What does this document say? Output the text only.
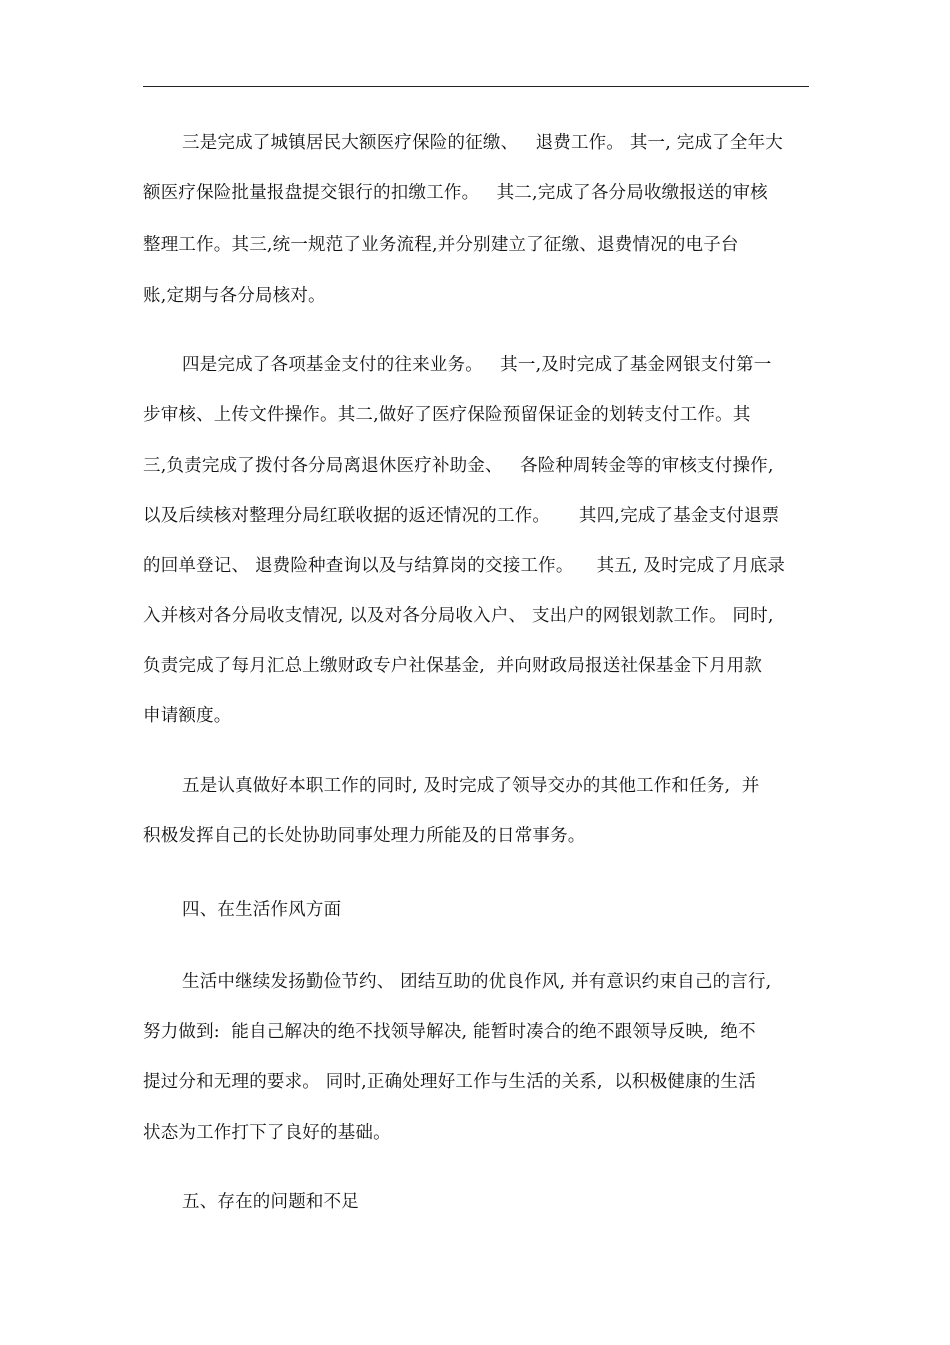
三是完成了城镇居民大额医疗保险的征缴、   退费工作。 其一, 完成了全年大
额医疗保险批量报盘提交银行的扣缴工作。   其二,完成了各分局收缴报送的审核
整理工作。其三,统一规范了业务流程,并分别建立了征缴、退费情况的电子台
账,定期与各分局核对。
四是完成了各项基金支付的往来业务。   其一,及时完成了基金网银支付第一
步审核、上传文件操作。其二,做好了医疗保险预留保证金的划转支付工作。其
三,负责完成了拨付各分局离退休医疗补助金、   各险种周转金等的审核支付操作,
以及后续核对整理分局红联收据的返还情况的工作。     其四,完成了基金支付退票
的回单登记、 退费险种查询以及与结算岗的交接工作。    其五, 及时完成了月底录
入并核对各分局收支情况, 以及对各分局收入户、 支出户的网银划款工作。 同时,
负责完成了每月汇总上缴财政专户社保基金,  并向财政局报送社保基金下月用款
申请额度。
五是认真做好本职工作的同时, 及时完成了领导交办的其他工作和任务,  并
积极发挥自己的长处协助同事处理力所能及的日常事务。
四、在生活作风方面
生活中继续发扬勤俭节约、 团结互助的优良作风, 并有意识约束自己的言行,
努力做到:  能自己解决的绝不找领导解决, 能暂时凑合的绝不跟领导反映,  绝不
提过分和无理的要求。 同时,正确处理好工作与生活的关系,  以积极健康的生活
状态为工作打下了良好的基础。
五、存在的问题和不足
